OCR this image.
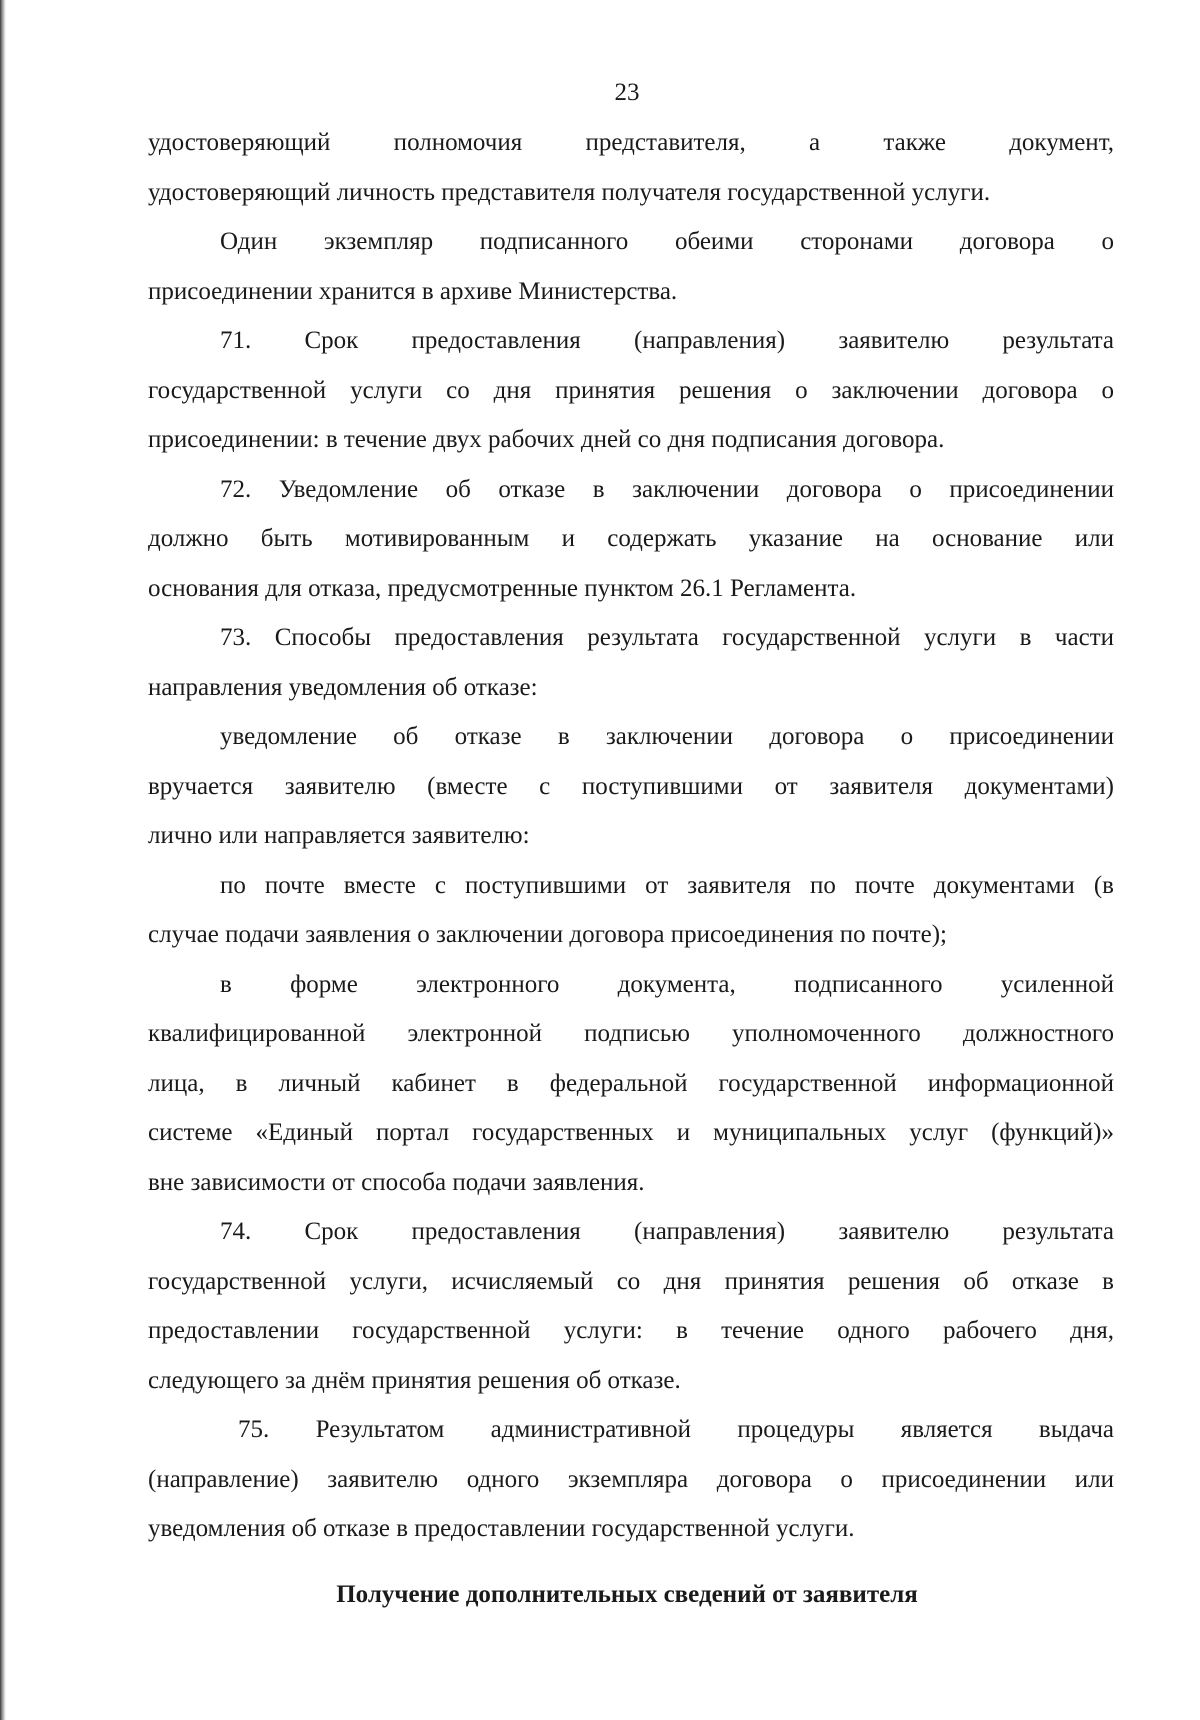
23
удостоверяющий полномочия представителя, а также документ,
удостоверяющий личность представителя получателя государственной услуги.
Один экземпляр подписанного обеими сторонами договора о
присоединении хранится в архиве Министерства.
71. Срок предоставления (направления) заявителю результата
государственной услуги со дня принятия решения о заключении договора о
присоединении: в течение двух рабочих дней со дня подписания договора.
72. Уведомление об отказе в заключении договора о присоединении
должно быть мотивированным и содержать указание на основание или
основания для отказа, предусмотренные пунктом 26.1 Регламента.
73. Способы предоставления результата государственной услуги в части
направления уведомления об отказе:
уведомление об отказе в заключении договора о присоединении
вручается заявителю (вместе с поступившими от заявителя документами)
лично или направляется заявителю:
по почте вместе с поступившими от заявителя по почте документами (в
случае подачи заявления о заключении договора присоединения по почте);
в форме электронного документа, подписанного усиленной
квалифицированной электронной подписью уполномоченного должностного
лица, в личный кабинет в федеральной государственной информационной
системе «Единый портал государственных и муниципальных услуг (функций)»
вне зависимости от способа подачи заявления.
74. Срок предоставления (направления) заявителю результата
государственной услуги, исчисляемый со дня принятия решения об отказе в
предоставлении государственной услуги: в течение одного рабочего дня,
следующего за днём принятия решения об отказе.
75. Результатом административной процедуры является выдача
(направление) заявителю одного экземпляра договора о присоединении или
уведомления об отказе в предоставлении государственной услуги.
Получение дополнительных сведений от заявителя
